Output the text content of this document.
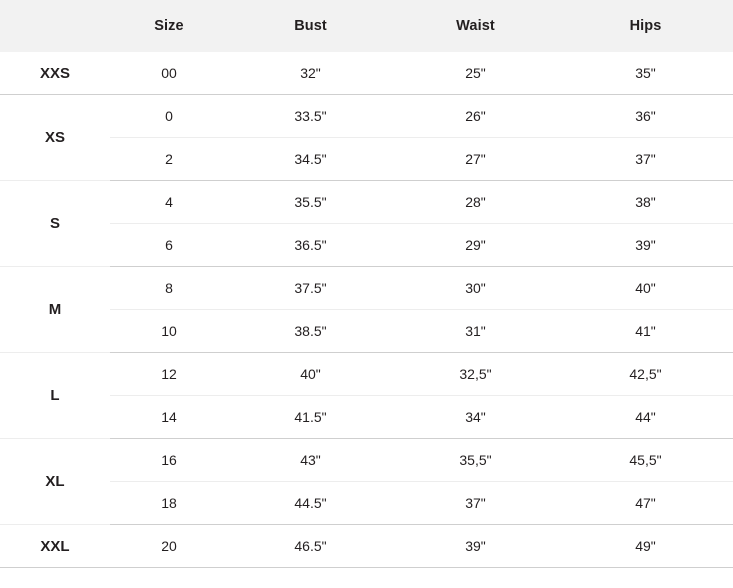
	Size	Bust	Waist	Hips
XXS	00	32"	25"	35"
XS	0	33.5"	26"	36"
	2	34.5"	27"	37"
S	4	35.5"	28"	38"
	6	36.5"	29"	39"
M	8	37.5"	30"	40"
	10	38.5"	31"	41"
L	12	40"	32,5"	42,5"
	14	41.5"	34"	44"
XL	16	43"	35,5"	45,5"
	18	44.5"	37"	47"
XXL	20	46.5"	39"	49"
